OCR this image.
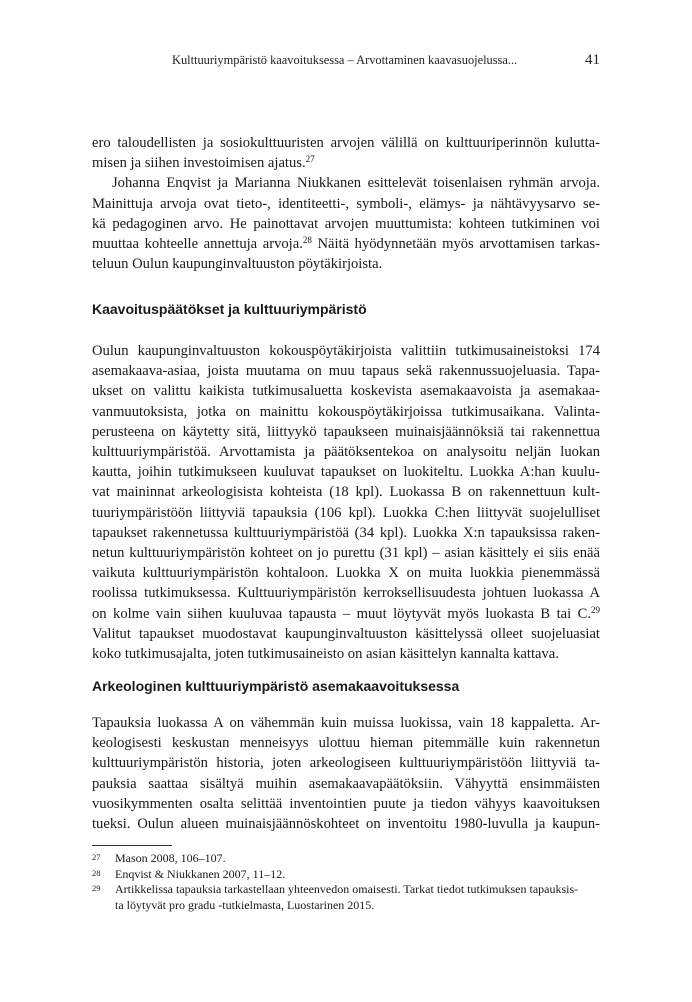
Kulttuuriympäristö kaavoituksessa – Arvottaminen kaavasuojelussa...	41

ero taloudellisten ja sosiokulttuuristen arvojen välillä on kulttuuriperinnön kulutta-
misen ja siihen investoimisen ajatus.$^{27}$

Johanna Enqvist ja Marianna Niukkanen esittelevät toisenlaisen ryhmän arvoja.
Mainittuja arvoja ovat tieto-, identiteetti-, symboli-, elämys- ja nähtävyysarvo se-
kä pedagoginen arvo. He painottavat arvojen muuttumista: kohteen tutkiminen voi
muuttaa kohteelle annettuja arvoja.$^{28}$ Näitä hyödynnetään myös arvottamisen tarkas-
teluun Oulun kaupunginvaltuuston pöytäkirjoista.

Kaavoituspäätökset ja kulttuuriympäristö

Oulun kaupunginvaltuuston kokouspöytäkirjoista valittiin tutkimusaineistoksi 174
asemakaava-asiaa, joista muutama on muu tapaus sekä rakennussuojeluasia. Tapa-
ukset on valittu kaikista tutkimusaluetta koskevista asemakaavoista ja asemakaa-
vanmuutoksista, jotka on mainittu kokouspöytäkirjoissa tutkimusaikana. Valinta-
perusteena on käytetty sitä, liittyykö tapaukseen muinaisjäännöksiä tai rakennettua
kulttuuriympäristöä. Arvottamista ja päätöksentekoa on analysoitu neljän luokan
kautta, joihin tutkimukseen kuuluvat tapaukset on luokiteltu. Luokka A:han kuulu-
vat maininnat arkeologisista kohteista (18 kpl). Luokassa B on rakennettuun kult-
tuuriympäristöön liittyviä tapauksia (106 kpl). Luokka C:hen liittyvät suojelulliset
tapaukset rakennetussa kulttuuriympäristöä (34 kpl). Luokka X:n tapauksissa raken-
netun kulttuuriympäristön kohteet on jo purettu (31 kpl) – asian käsittely ei siis enää
vaikuta kulttuuriympäristön kohtaloon. Luokka X on muita luokkia pienemmässä
roolissa tutkimuksessa. Kulttuuriympäristön kerroksellisuudesta johtuen luokassa A
on kolme vain siihen kuuluvaa tapausta – muut löytyvät myös luokasta B tai C.$^{29}$
Valitut tapaukset muodostavat kaupunginvaltuuston käsittelyssä olleet suojeluasiat
koko tutkimusajalta, joten tutkimusaineisto on asian käsittelyn kannalta kattava.

Arkeologinen kulttuuriympäristö asemakaavoituksessa

Tapauksia luokassa A on vähemmän kuin muissa luokissa, vain 18 kappaletta. Ar-
keologisesti keskustan menneisyys ulottuu hieman pitemmälle kuin rakennetun
kulttuuriympäristön historia, joten arkeologiseen kulttuuriympäristöön liittyviä ta-
pauksia saattaa sisältyä muihin asemakaavapäätöksiin. Vähyyttä ensimmäisten
vuosikymmenten osalta selittää inventointien puute ja tiedon vähyys kaavoituksen
tueksi. Oulun alueen muinaisjäännöskohteet on inventoitu 1980-luvulla ja kaupun-

27 Mason 2008, 106–107.
28 Enqvist & Niukkanen 2007, 11–12.
29 Artikkelissa tapauksia tarkastellaan yhteenvedon omaisesti. Tarkat tiedot tutkimuksen tapauksis-
ta löytyvät pro gradu -tutkielmasta, Luostarinen 2015.
